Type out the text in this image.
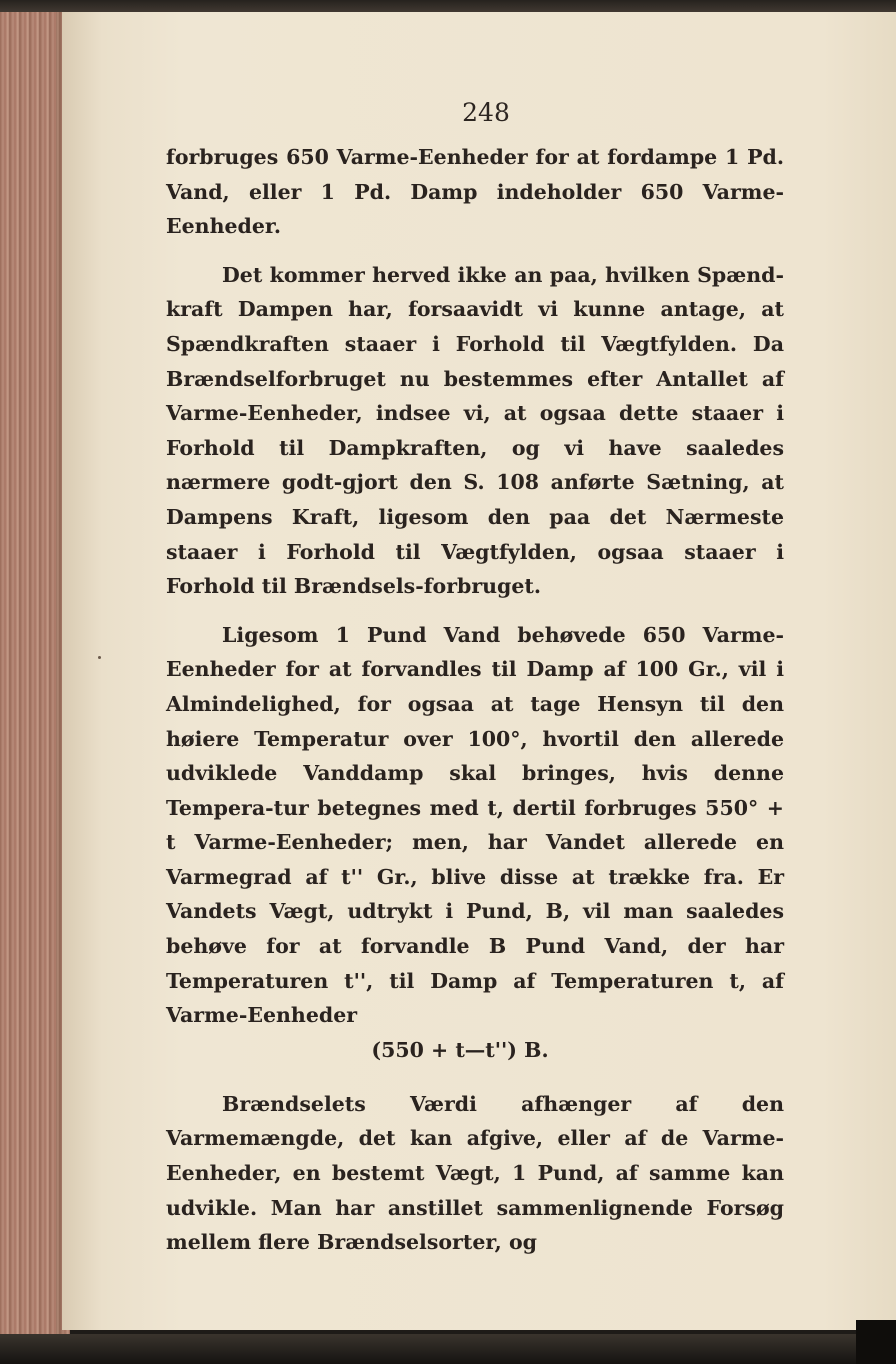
248

forbruges 650 Varme-Eenheder for at fordampe 1 Pd. Vand, eller 1 Pd. Damp indeholder 650 Varme-Eenheder.

Det kommer herved ikke an paa, hvilken Spænd-kraft Dampen har, forsaavidt vi kunne antage, at Spændkraften staaer i Forhold til Vægtfylden. Da Brændselforbruget nu bestemmes efter Antallet af Varme-Eenheder, indsee vi, at ogsaa dette staaer i Forhold til Dampkraften, og vi have saaledes nærmere godt-gjort den S. 108 anførte Sætning, at Dampens Kraft, ligesom den paa det Nærmeste staaer i Forhold til Vægtfylden, ogsaa staaer i Forhold til Brændsels-forbruget.

Ligesom 1 Pund Vand behøvede 650 Varme-Eenheder for at forvandles til Damp af 100 Gr., vil i Almindelighed, for ogsaa at tage Hensyn til den høiere Temperatur over 100°, hvortil den allerede udviklede Vanddamp skal bringes, hvis denne Tempera-tur betegnes med t, dertil forbruges 550° + t Varme-Eenheder; men, har Vandet allerede en Varmegrad af t'' Gr., blive disse at trække fra. Er Vandets Vægt, udtrykt i Pund, B, vil man saaledes behøve for at forvandle B Pund Vand, der har Temperaturen t'', til Damp af Temperaturen t, af Varme-Eenheder

(550 + t—t'') B.

Brændselets Værdi afhænger af den Varmemængde, det kan afgive, eller af de Varme-Eenheder, en bestemt Vægt, 1 Pund, af samme kan udvikle. Man har anstillet sammenlignende Forsøg mellem flere Brændselsorter, og
